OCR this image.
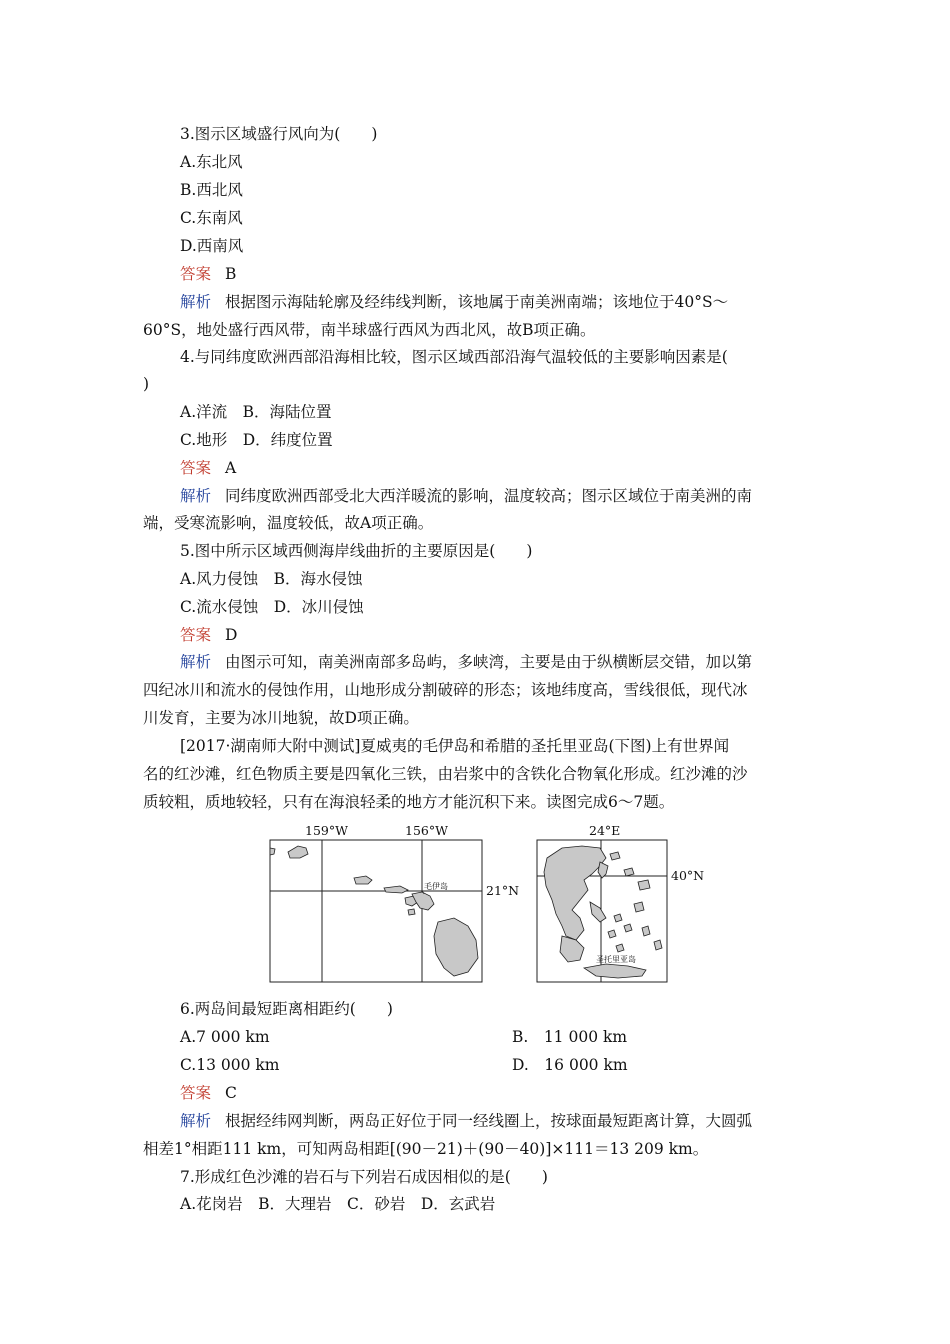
3.图示区域盛行风向为(　　)
A.东北风
B.西北风
C.东南风
D.西南风
答案 B
解析 根据图示海陆轮廓及经纬线判断，该地属于南美洲南端；该地位于40°S～
60°S，地处盛行西风带，南半球盛行西风为西北风，故B项正确。
4.与同纬度欧洲西部沿海相比较，图示区域西部沿海气温较低的主要影响因素是(
)
A.洋流　B．海陆位置
C.地形　D．纬度位置
答案 A
解析 同纬度欧洲西部受北大西洋暖流的影响，温度较高；图示区域位于南美洲的南
端，受寒流影响，温度较低，故A项正确。
5.图中所示区域西侧海岸线曲折的主要原因是(　　)
A.风力侵蚀　B．海水侵蚀
C.流水侵蚀　D．冰川侵蚀
答案 D
解析 由图示可知，南美洲南部多岛屿，多峡湾，主要是由于纵横断层交错，加以第
四纪冰川和流水的侵蚀作用，山地形成分割破碎的形态；该地纬度高，雪线很低，现代冰
川发育，主要为冰川地貌，故D项正确。
[2017·湖南师大附中测试]夏威夷的毛伊岛和希腊的圣托里亚岛(下图)上有世界闻
名的红沙滩，红色物质主要是四氧化三铁，由岩浆中的含铁化合物氧化形成。红沙滩的沙
质较粗，质地较轻，只有在海浪轻柔的地方才能沉积下来。读图完成6～7题。
159°W	156°W
21°N
毛伊岛
24°E
40°N
圣托里亚岛
6.两岛间最短距离相距约(　　)
A.7 000 km	B.　11 000 km
C.13 000 km	D.　16 000 km
答案 C
解析 根据经纬网判断，两岛正好位于同一经线圈上，按球面最短距离计算，大圆弧
相差1°相距111 km，可知两岛相距[(90－21)＋(90－40)]×111＝13 209 km。
7.形成红色沙滩的岩石与下列岩石成因相似的是(　　)
A.花岗岩　B．大理岩　C．砂岩　D．玄武岩
